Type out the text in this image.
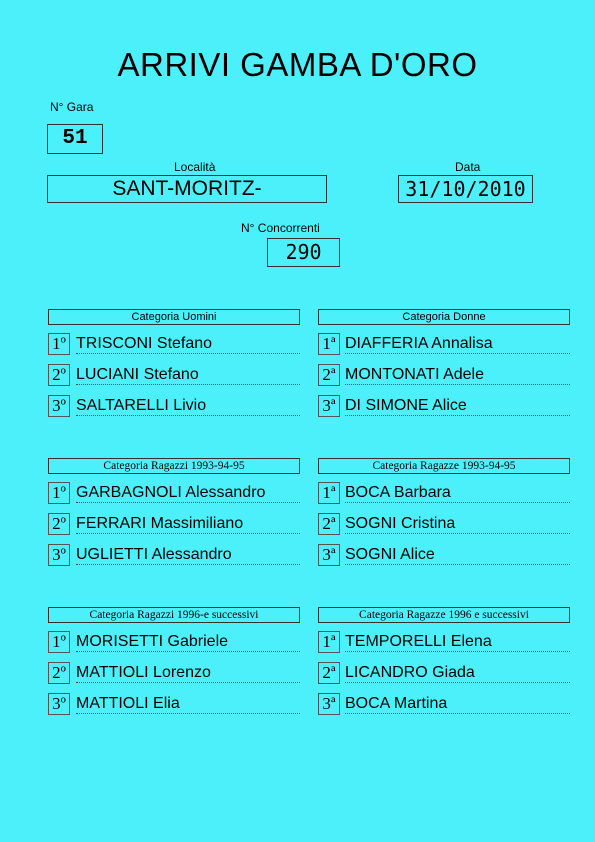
ARRIVI GAMBA D'ORO
N° Gara
51
Località
SANT-MORITZ-
Data
31/10/2010
N° Concorrenti
290
Categoria Uomini
1º TRISCONI Stefano
2º LUCIANI Stefano
3º SALTARELLI Livio
Categoria Donne
1ª DIAFFERIA Annalisa
2ª MONTONATI Adele
3ª DI SIMONE Alice
Categoria Ragazzi 1993-94-95
1º GARBAGNOLI Alessandro
2º FERRARI Massimiliano
3º UGLIETTI Alessandro
Categoria Ragazze 1993-94-95
1ª BOCA Barbara
2ª SOGNI Cristina
3ª SOGNI Alice
Categoria Ragazzi 1996-e successivi
1º MORISETTI Gabriele
2º MATTIOLI Lorenzo
3º MATTIOLI Elia
Categoria Ragazze 1996 e successivi
1ª TEMPORELLI Elena
2ª LICANDRO Giada
3ª BOCA Martina
